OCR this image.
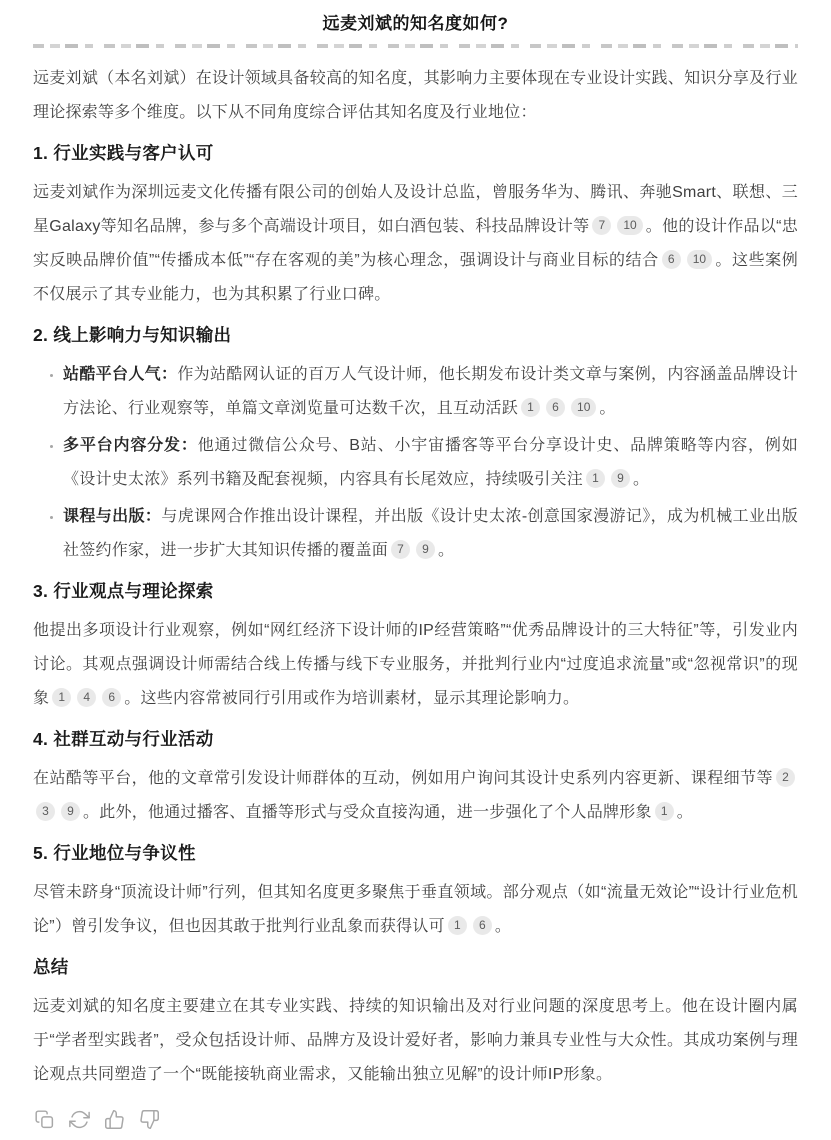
远麦刘斌的知名度如何?

远麦刘斌（本名刘斌）在设计领域具备较高的知名度，其影响力主要体现在专业设计实践、知识分享及行业理论探索等多个维度。以下从不同角度综合评估其知名度及行业地位：

1. 行业实践与客户认可

远麦刘斌作为深圳远麦文化传播有限公司的创始人及设计总监，曾服务华为、腾讯、奔驰Smart、联想、三星Galaxy等知名品牌，参与多个高端设计项目，如白酒包装、科技品牌设计等 7 10 。他的设计作品以“忠实反映品牌价值”“传播成本低”“存在客观的美”为核心理念，强调设计与商业目标的结合 6 10 。这些案例不仅展示了其专业能力，也为其积累了行业口碑。

2. 线上影响力与知识输出
• 站酷平台人气：作为站酷网认证的百万人气设计师，他长期发布设计类文章与案例，内容涵盖品牌设计方法论、行业观察等，单篇文章浏览量可达数千次，且互动活跃 1 6 10 。
• 多平台内容分发：他通过微信公众号、B站、小宇宙播客等平台分享设计史、品牌策略等内容，例如《设计史太浓》系列书籍及配套视频，内容具有长尾效应，持续吸引关注 1 9 。
• 课程与出版：与虎课网合作推出设计课程，并出版《设计史太浓-创意国家漫游记》，成为机械工业出版社签约作家，进一步扩大其知识传播的覆盖面 7 9 。
3. 行业观点与理论探索

他提出多项设计行业观察，例如“网红经济下设计师的IP经营策略”“优秀品牌设计的三大特征”等，引发业内讨论。其观点强调设计师需结合线上传播与线下专业服务，并批判行业内“过度追求流量”或“忽视常识”的现象 1 4 6 。这些内容常被同行引用或作为培训素材，显示其理论影响力。

4. 社群互动与行业活动

在站酷等平台，他的文章常引发设计师群体的互动，例如用户询问其设计史系列内容更新、课程细节等 23 9 。此外，他通过播客、直播等形式与受众直接沟通，进一步强化了个人品牌形象 1 。

5. 行业地位与争议性

尽管未跻身“顶流设计师”行列，但其知名度更多聚焦于垂直领域。部分观点（如“流量无效论”“设计行业危机论”）曾引发争议，但也因其敢于批判行业乱象而获得认可 1 6 。

总结

远麦刘斌的知名度主要建立在其专业实践、持续的知识输出及对行业问题的深度思考上。他在设计圈内属于“学者型实践者”，受众包括设计师、品牌方及设计爱好者，影响力兼具专业性与大众性。其成功案例与理论观点共同塑造了一个“既能接轨商业需求，又能输出独立见解”的设计师IP形象。
